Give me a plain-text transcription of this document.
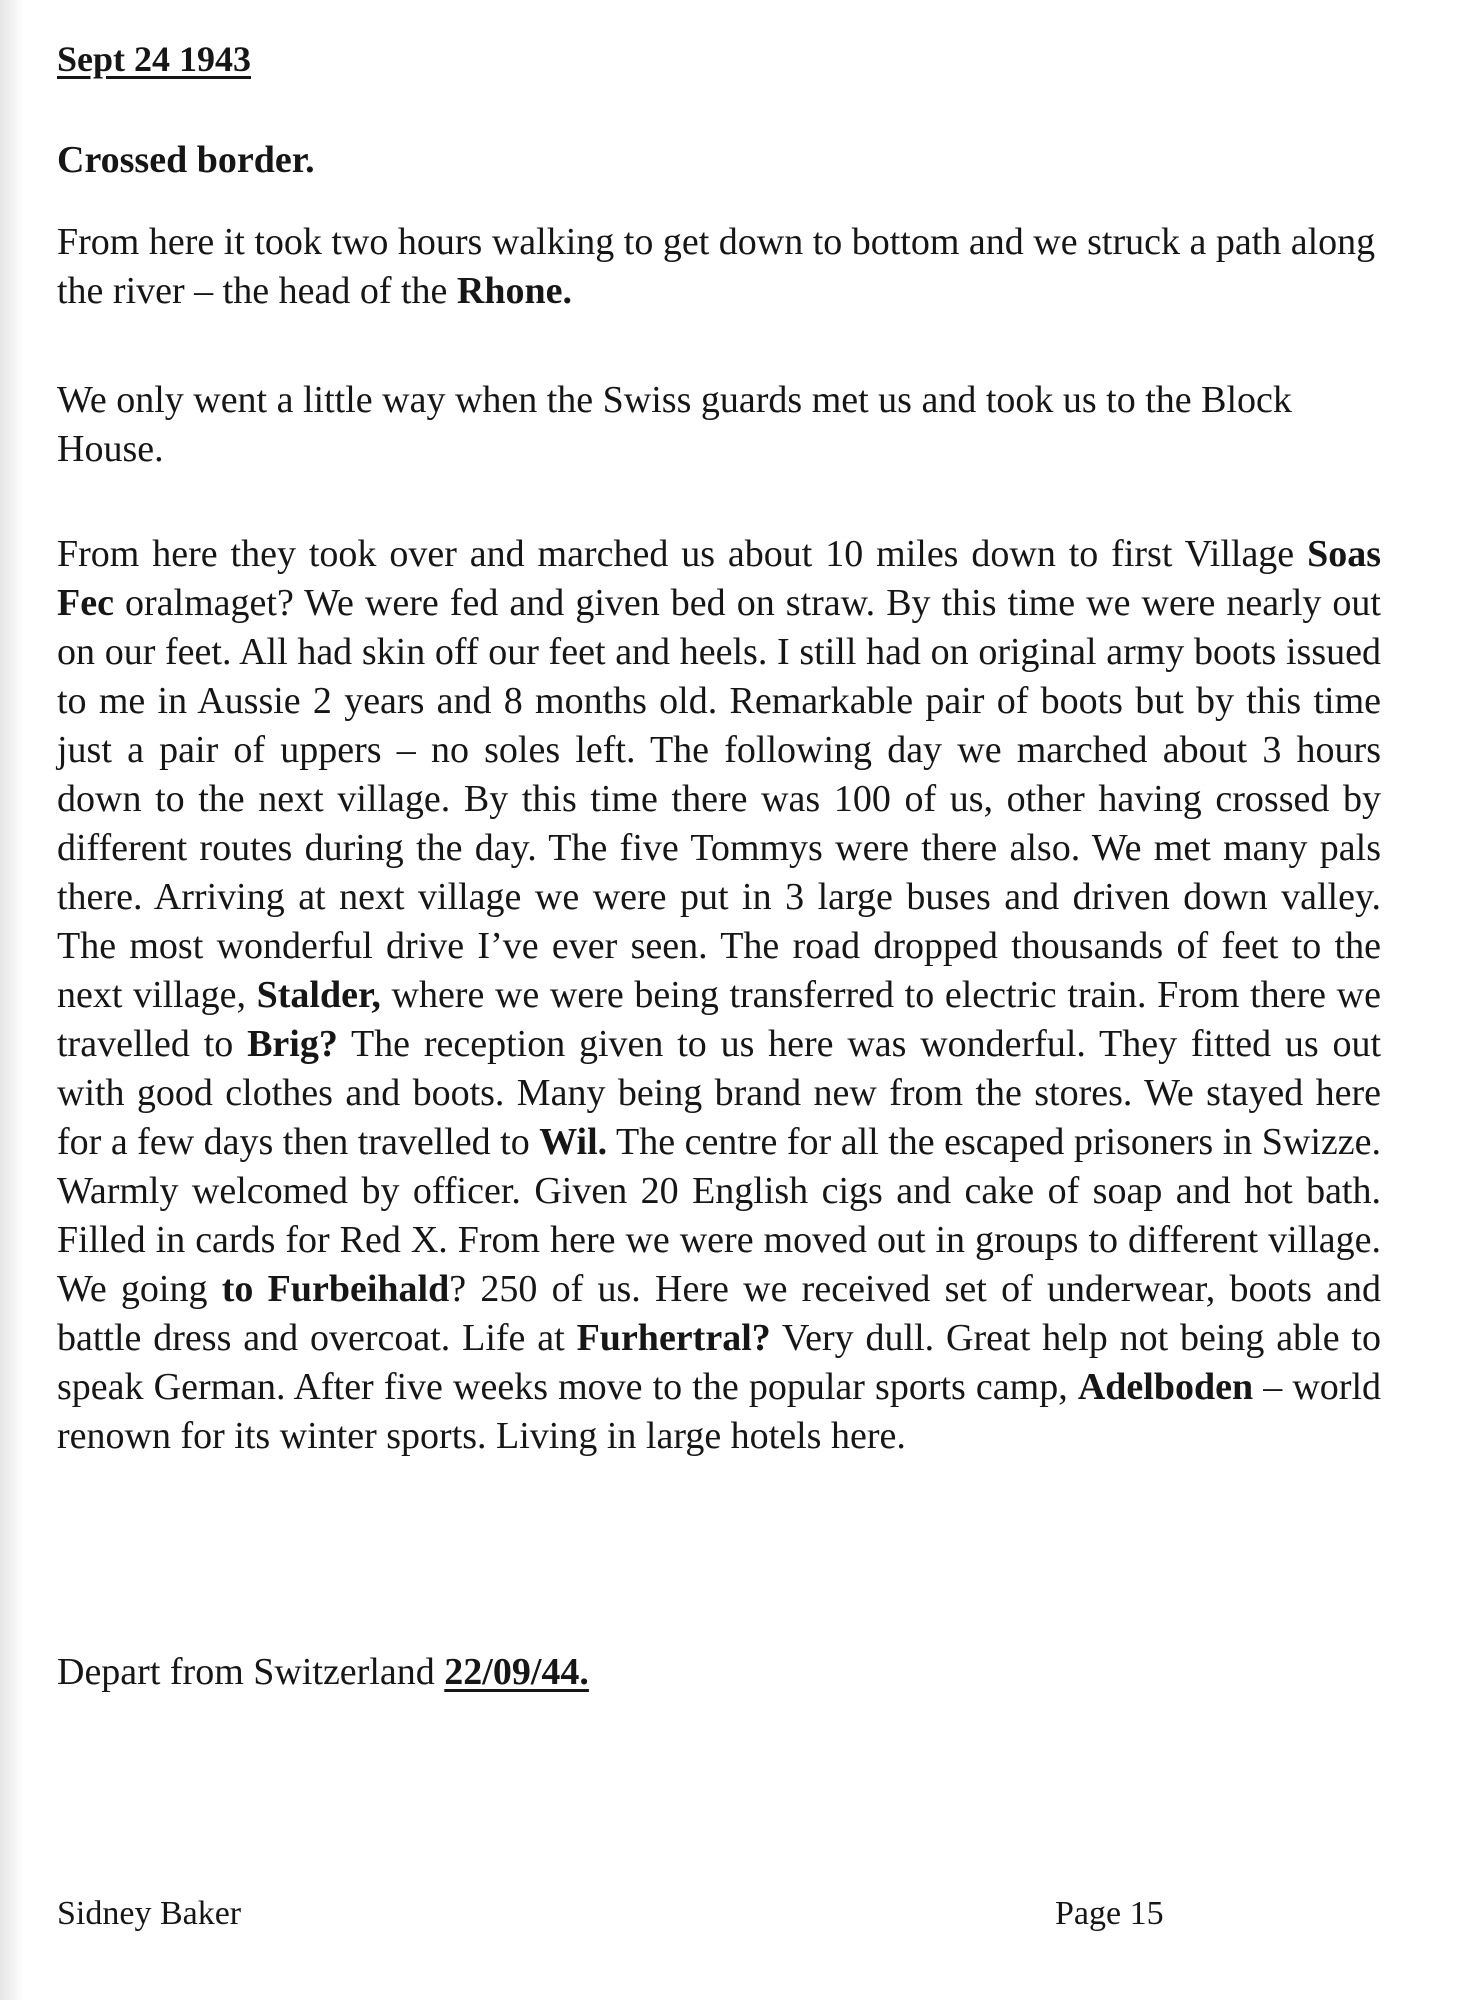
Sept 24 1943

Crossed border.

From here it took two hours walking to get down to bottom and we struck a path along the river – the head of the Rhone.

We only went a little way when the Swiss guards met us and took us to the Block House.

From here they took over and marched us about 10 miles down to first Village Soas Fec oralmaget? We were fed and given bed on straw. By this time we were nearly out on our feet. All had skin off our feet and heels. I still had on original army boots issued to me in Aussie 2 years and 8 months old. Remarkable pair of boots but by this time just a pair of uppers – no soles left. The following day we marched about 3 hours down to the next village. By this time there was 100 of us, other having crossed by different routes during the day. The five Tommys were there also. We met many pals there. Arriving at next village we were put in 3 large buses and driven down valley. The most wonderful drive I’ve ever seen. The road dropped thousands of feet to the next village, Stalder, where we were being transferred to electric train. From there we travelled to Brig? The reception given to us here was wonderful. They fitted us out with good clothes and boots. Many being brand new from the stores. We stayed here for a few days then travelled to Wil. The centre for all the escaped prisoners in Swizze. Warmly welcomed by officer. Given 20 English cigs and cake of soap and hot bath. Filled in cards for Red X. From here we were moved out in groups to different village. We going to Furbeihald? 250 of us. Here we received set of underwear, boots and battle dress and overcoat. Life at Furhertral? Very dull. Great help not being able to speak German. After five weeks move to the popular sports camp, Adelboden – world renown for its winter sports. Living in large hotels here.

Depart from Switzerland 22/09/44.

Sidney Baker	Page 15
